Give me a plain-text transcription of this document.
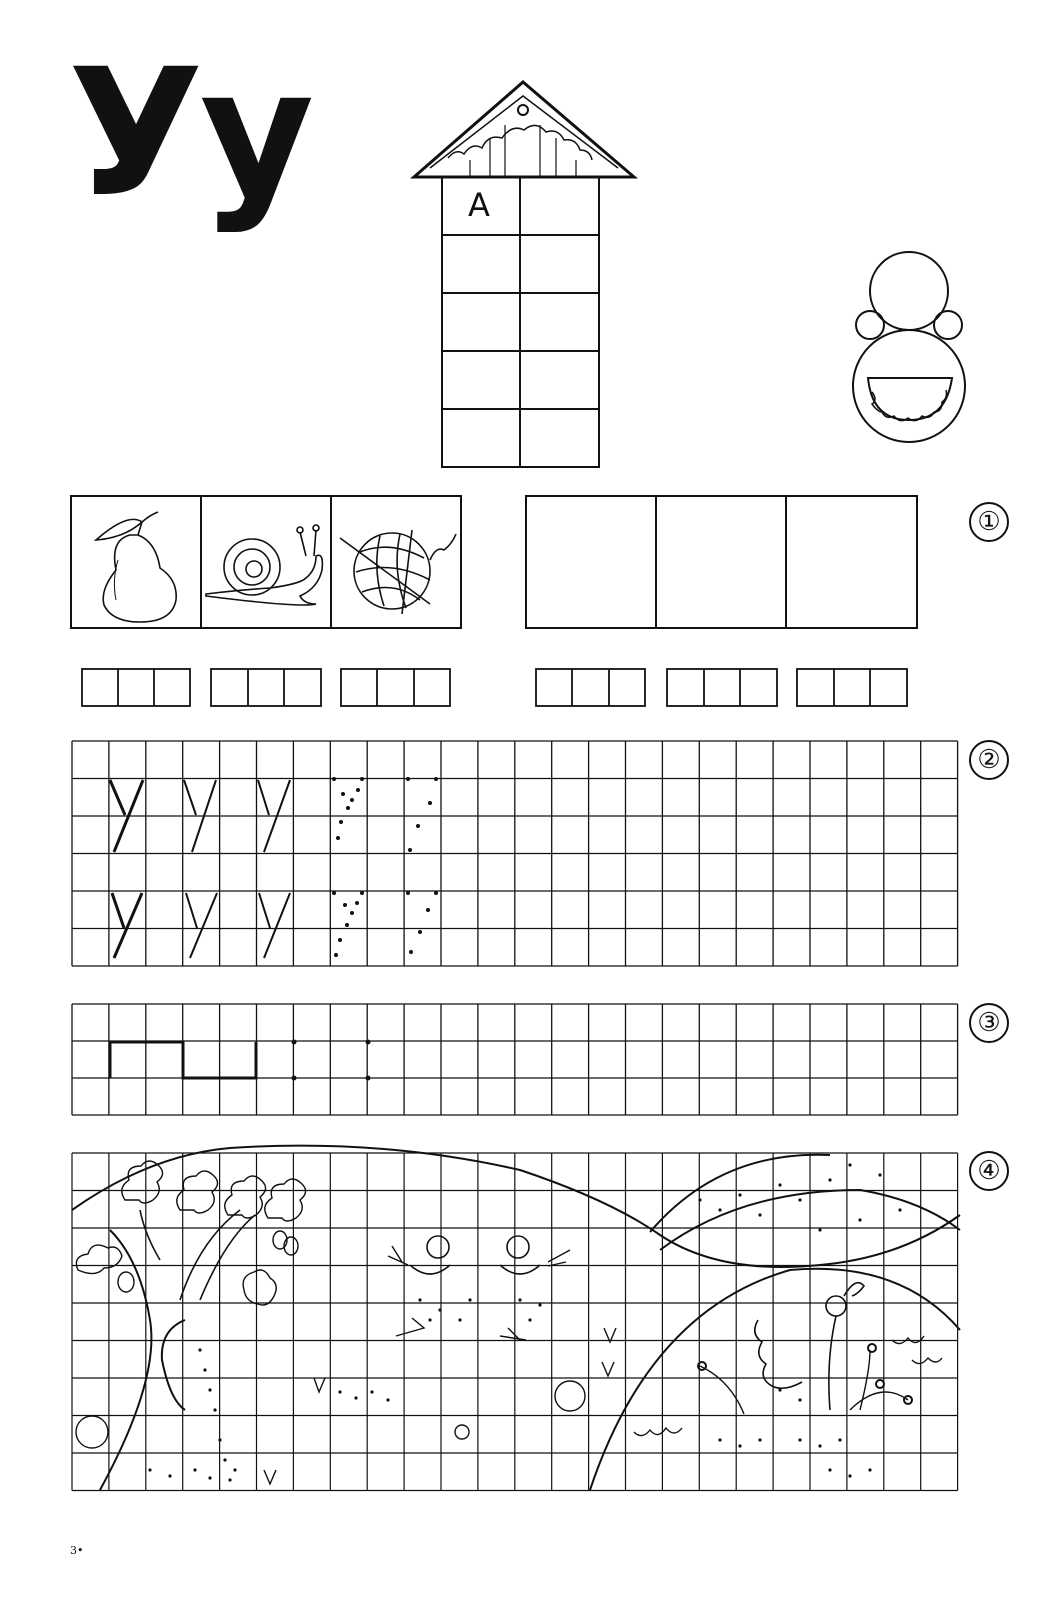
Уу	А
①
②
③
④
3•
